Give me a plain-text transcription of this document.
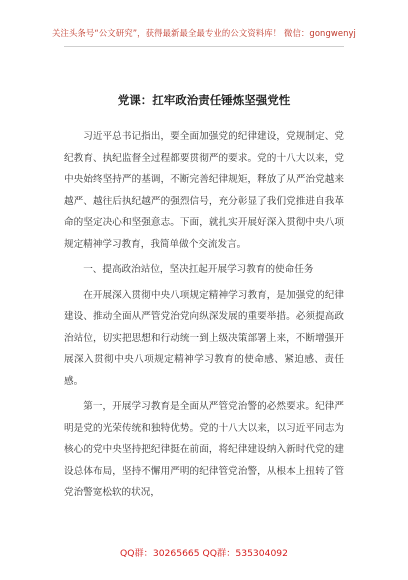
关注头条号“公文研究”，获得最新最全最专业的公文资料库！ 微信：gongwenyj
党课：扛牢政治责任锤炼坚强党性

习近平总书记指出，要全面加强党的纪律建设，党规制定、党纪教育、执纪监督全过程都要贯彻严的要求。党的十八大以来，党中央始终坚持严的基调，不断完善纪律规矩，释放了从严治党越来越严、越往后执纪越严的强烈信号，充分彰显了我们党推进自我革命的坚定决心和坚强意志。下面，就扎实开展好深入贯彻中央八项规定精神学习教育，我简单做个交流发言。

一、提高政治站位，坚决扛起开展学习教育的使命任务

在开展深入贯彻中央八项规定精神学习教育，是加强党的纪律建设、推动全面从严管党治党向纵深发展的重要举措。必须提高政治站位，切实把思想和行动统一到上级决策部署上来，不断增强开展深入贯彻中央八项规定精神学习教育的使命感、紧迫感、责任感。

第一，开展学习教育是全面从严管党治警的必然要求。纪律严明是党的光荣传统和独特优势。党的十八大以来，以习近平同志为核心的党中央坚持把纪律挺在前面，将纪律建设纳入新时代党的建设总体布局，坚持不懈用严明的纪律管党治警，从根本上扭转了管党治警宽松软的状况，

QQ群：30265665 QQ群：535304092
